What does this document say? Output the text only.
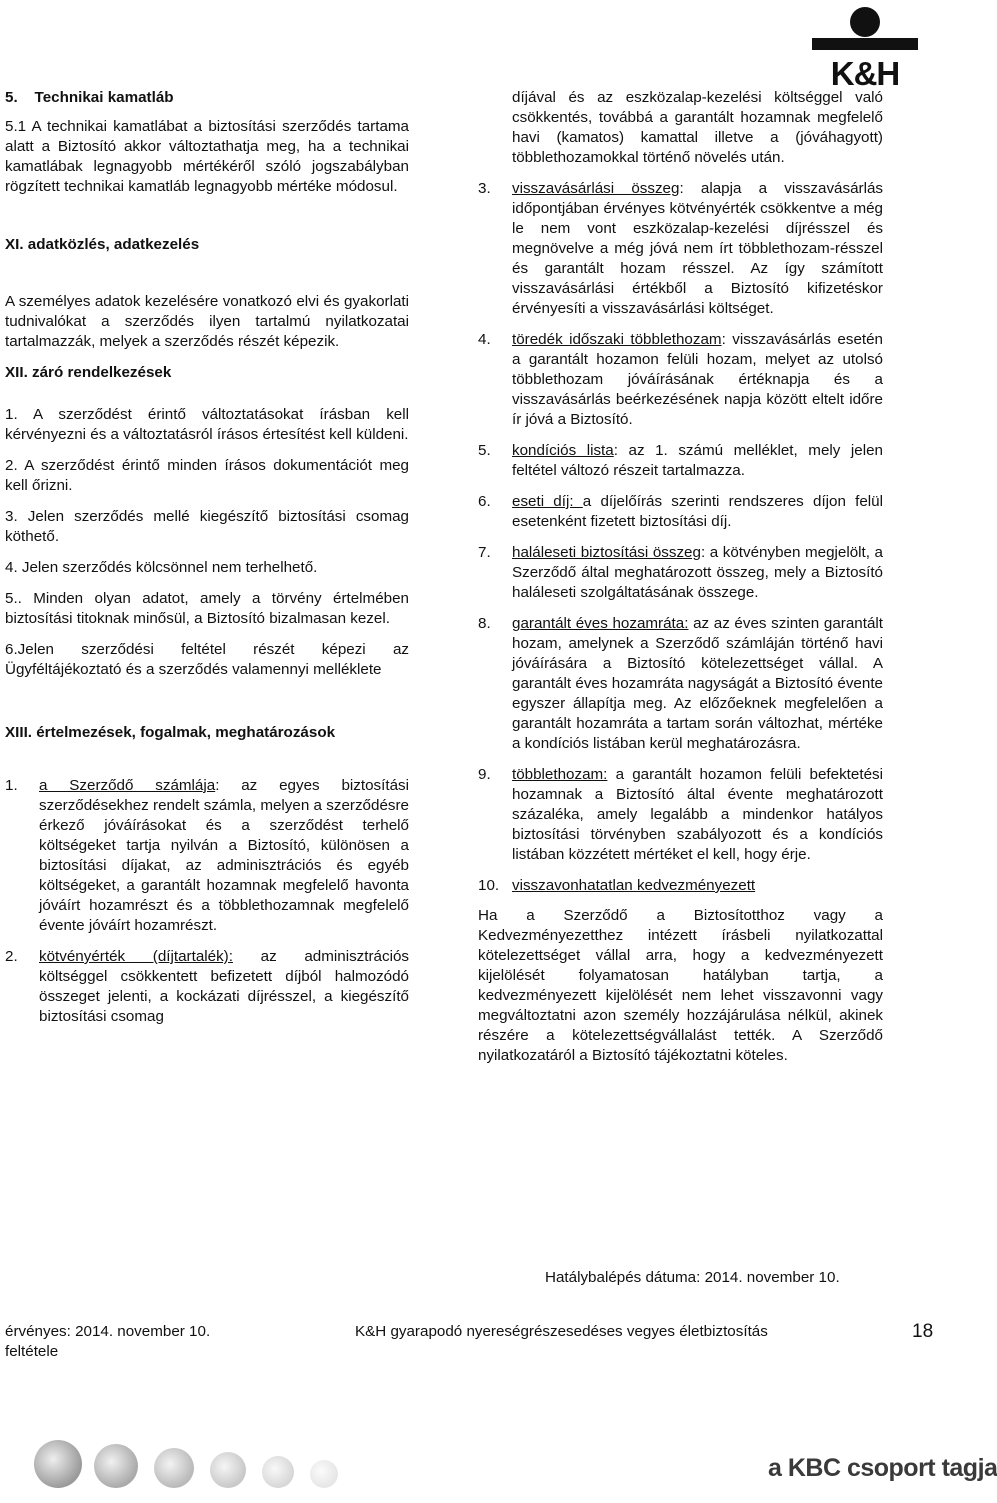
K&H

5.    Technikai kamatláb

5.1 A technikai kamatlábat a biztosítási szerződés tartama alatt a Biztosító akkor változtathatja meg, ha a technikai kamatlábak legnagyobb mértékéről szóló jogszabályban rögzített technikai kamatláb legnagyobb mértéke módosul.

XI. adatközlés, adatkezelés

A személyes adatok kezelésére vonatkozó elvi és gyakorlati tudnivalókat a szerződés ilyen tartalmú nyilatkozatai tartalmazzák, melyek a szerződés részét képezik.

XII. záró rendelkezések

1. A szerződést érintő változtatásokat írásban kell kérvényezni és a változtatásról írásos értesítést kell küldeni.

2. A szerződést érintő minden írásos dokumentációt meg kell őrizni.

3. Jelen szerződés mellé kiegészítő biztosítási csomag köthető.

4. Jelen szerződés kölcsönnel nem terhelhető.

5.. Minden olyan adatot, amely a törvény értelmében biztosítási titoknak minősül, a Biztosító bizalmasan kezel.

6.Jelen szerződési feltétel részét képezi az Ügyféltájékoztató és a szerződés valamennyi melléklete

XIII. értelmezések, fogalmak, meghatározások

1. a Szerződő számlája: az egyes biztosítási szerződésekhez rendelt számla, melyen a szerződésre érkező jóváírásokat és a szerződést terhelő költségeket tartja nyilván a Biztosító, különösen a biztosítási díjakat, az adminisztrációs és egyéb költségeket, a garantált hozamnak megfelelő havonta jóváírt hozamrészt és a többlethozamnak megfelelő évente jóváírt hozamrészt.
2. kötvényérték (díjtartalék): az adminisztrációs költséggel csökkentett befizetett díjból halmozódó összeget jelenti, a kockázati díjrésszel, a kiegészítő biztosítási csomag

díjával és az eszközalap-kezelési költséggel való csökkentés, továbbá a garantált hozamnak megfelelő havi (kamatos) kamattal illetve a (jóváhagyott) többlethozamokkal történő növelés után.

3. visszavásárlási összeg: alapja a visszavásárlás időpontjában érvényes kötvényérték csökkentve a még le nem vont eszközalap-kezelési díjrésszel és megnövelve a még jóvá nem írt többlethozam-résszel és garantált hozam résszel. Az így számított visszavásárlási értékből a Biztosító kifizetéskor érvényesíti a visszavásárlási költséget.
4. töredék időszaki többlethozam: visszavásárlás esetén a garantált hozamon felüli hozam, melyet az utolsó többlethozam jóváírásának értéknapja és a visszavásárlás beérkezésének napja között eltelt időre ír jóvá a Biztosító.
5. kondíciós lista: az 1. számú melléklet, mely jelen feltétel változó részeit tartalmazza.
6. eseti díj: a díjelőírás szerinti rendszeres díjon felül esetenként fizetett biztosítási díj.
7. haláleseti biztosítási összeg: a kötvényben megjelölt, a Szerződő által meghatározott összeg, mely a Biztosító haláleseti szolgáltatásának összege.
8. garantált éves hozamráta: az az éves szinten garantált hozam, amelynek a Szerződő számláján történő havi jóváírására a Biztosító kötelezettséget vállal. A garantált éves hozamráta nagyságát a Biztosító évente egyszer állapítja meg. Az előzőeknek megfelelően a garantált hozamráta a tartam során változhat, mértéke a kondíciós listában kerül meghatározásra.
9. többlethozam: a garantált hozamon felüli befektetési hozamnak a Biztosító által évente meghatározott százaléka, amely legalább a mindenkor hatályos biztosítási törvényben szabályozott és a kondíciós listában közzétett mértéket el kell, hogy érje.
10. visszavonhatatlan kedvezményezett

Ha a Szerződő a Biztosítotthoz vagy a Kedvezményezetthez intézett írásbeli nyilatkozattal kötelezettséget vállal arra, hogy a kedvezményezett kijelölését folyamatosan hatályban tartja, a kedvezményezett kijelölését nem lehet visszavonni vagy megváltoztatni azon személy hozzájárulása nélkül, akinek részére a kötelezettségvállalást tették. A Szerződő nyilatkozatáról a Biztosító tájékoztatni köteles.

Hatálybalépés dátuma: 2014. november 10.
érvényes: 2014. november 10. feltétele
K&H gyarapodó nyereségrészesedéses vegyes életbiztosítás	18
a KBC csoport tagja
